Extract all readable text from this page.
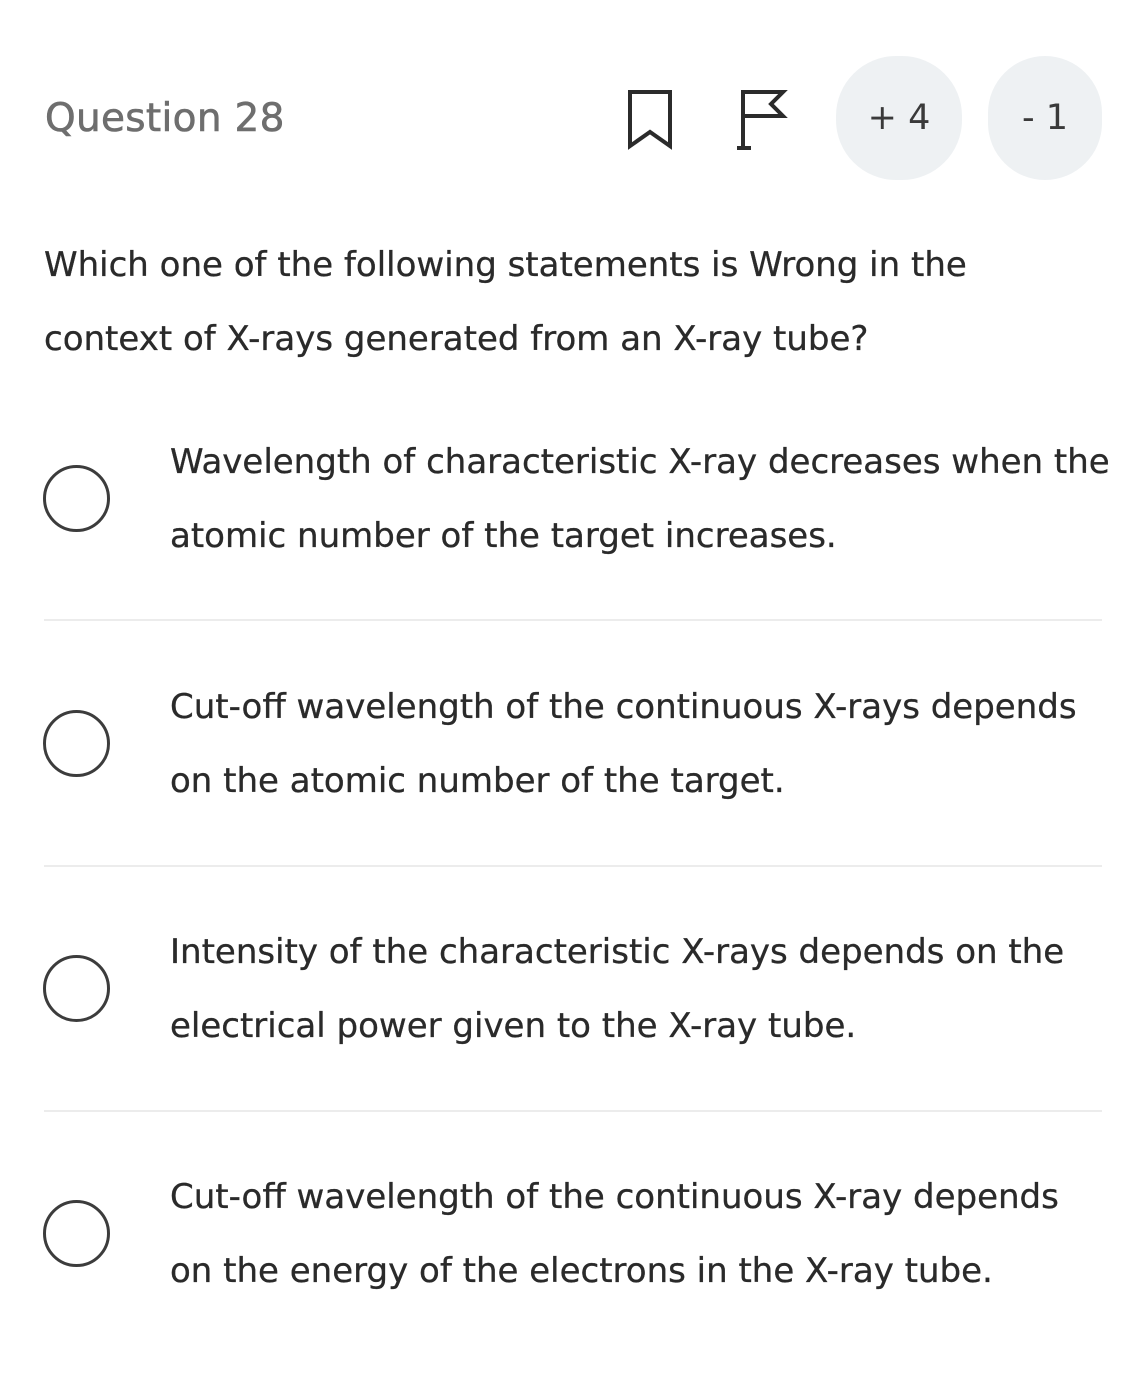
Question 28	+ 4	- 1
Which one of the following statements is Wrong in the context of X-rays generated from an X-ray tube?
Wavelength of characteristic X-ray decreases when the atomic number of the target increases.
Cut-off wavelength of the continuous X-rays depends on the atomic number of the target.
Intensity of the characteristic X-rays depends on the electrical power given to the X-ray tube.
Cut-off wavelength of the continuous X-ray depends on the energy of the electrons in the X-ray tube.
